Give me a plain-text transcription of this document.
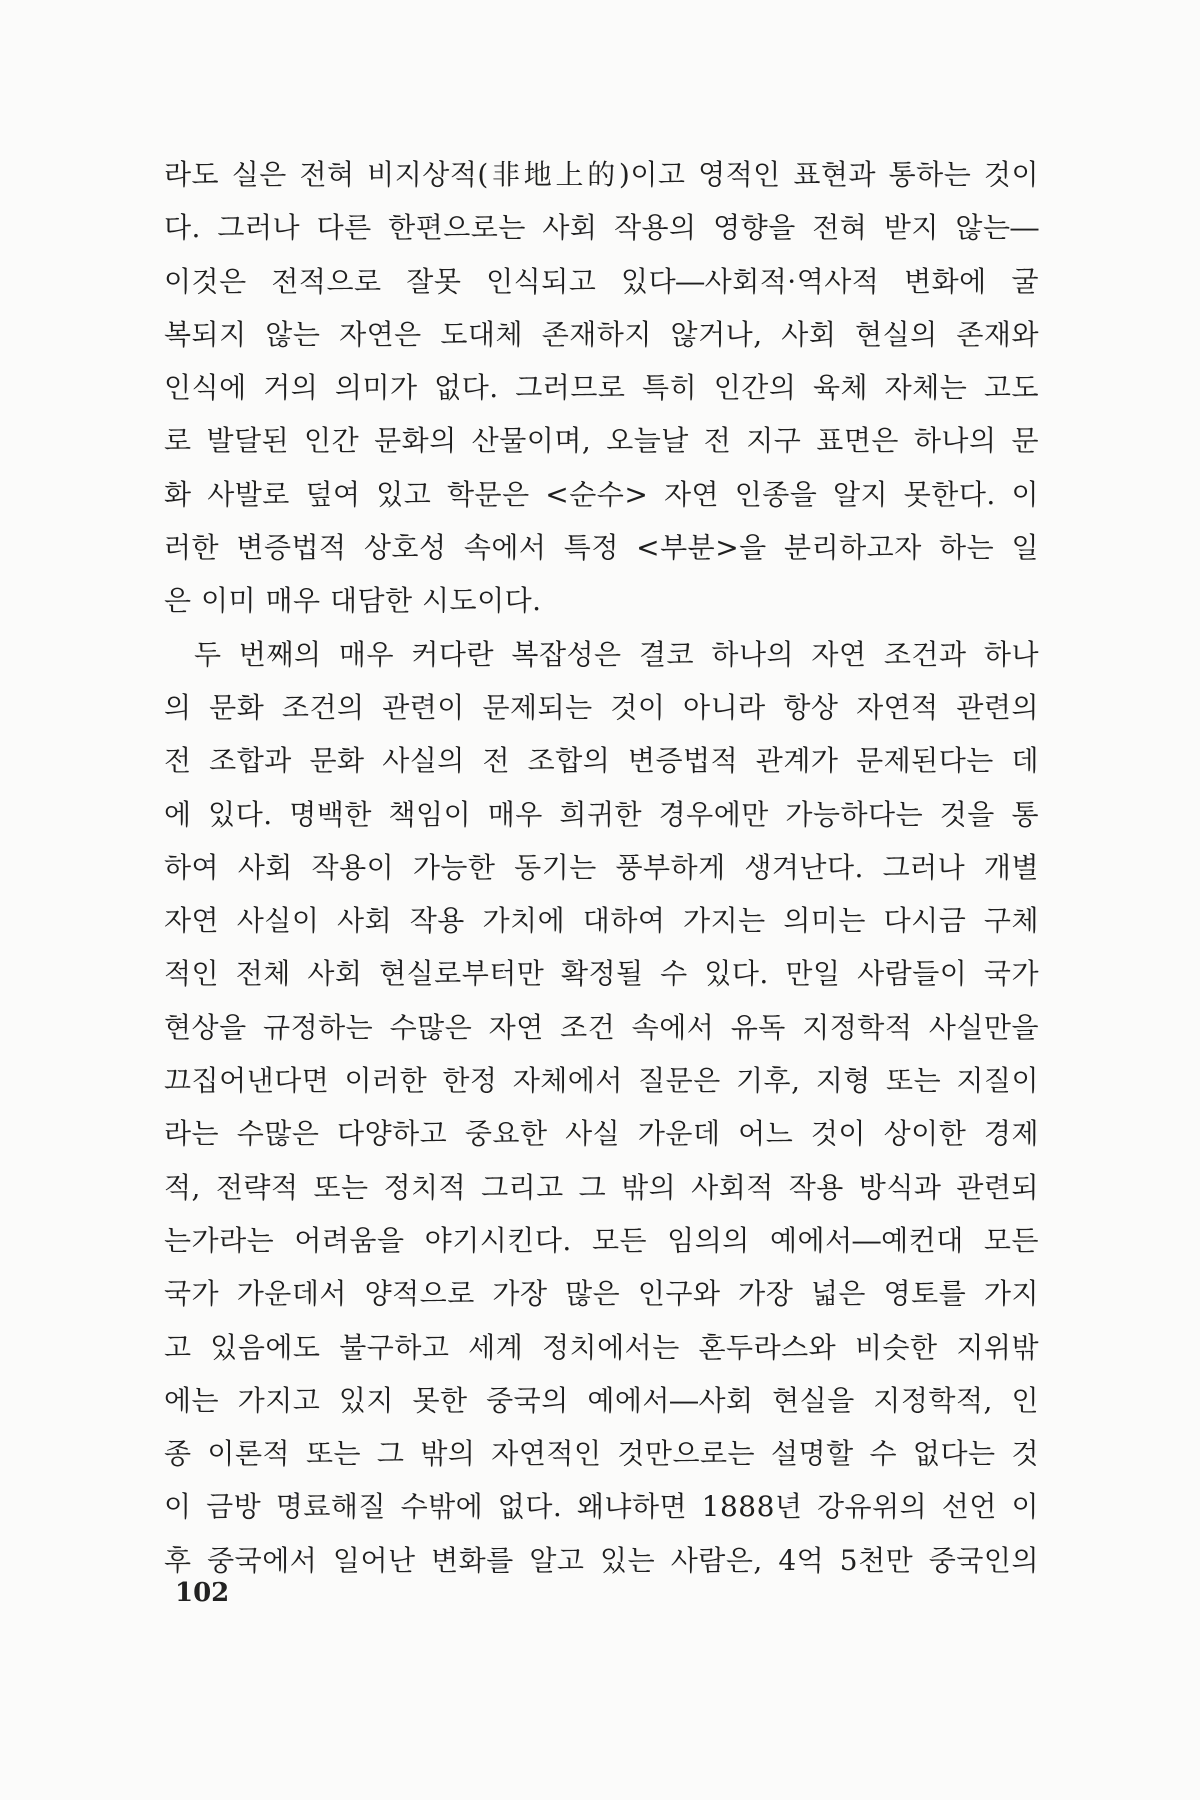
라도 실은 전혀 비지상적(非地上的)이고 영적인 표현과 통하는 것이
다. 그러나 다른 한편으로는 사회 작용의 영향을 전혀 받지 않는―
이것은 전적으로 잘못 인식되고 있다―사회적·역사적 변화에 굴
복되지 않는 자연은 도대체 존재하지 않거나, 사회 현실의 존재와
인식에 거의 의미가 없다. 그러므로 특히 인간의 육체 자체는 고도
로 발달된 인간 문화의 산물이며, 오늘날 전 지구 표면은 하나의 문
화 사발로 덮여 있고 학문은 <순수> 자연 인종을 알지 못한다. 이
러한 변증법적 상호성 속에서 특정 <부분>을 분리하고자 하는 일
은 이미 매우 대담한 시도이다.
두 번째의 매우 커다란 복잡성은 결코 하나의 자연 조건과 하나
의 문화 조건의 관련이 문제되는 것이 아니라 항상 자연적 관련의
전 조합과 문화 사실의 전 조합의 변증법적 관계가 문제된다는 데
에 있다. 명백한 책임이 매우 희귀한 경우에만 가능하다는 것을 통
하여 사회 작용이 가능한 동기는 풍부하게 생겨난다. 그러나 개별
자연 사실이 사회 작용 가치에 대하여 가지는 의미는 다시금 구체
적인 전체 사회 현실로부터만 확정될 수 있다. 만일 사람들이 국가
현상을 규정하는 수많은 자연 조건 속에서 유독 지정학적 사실만을
끄집어낸다면 이러한 한정 자체에서 질문은 기후, 지형 또는 지질이
라는 수많은 다양하고 중요한 사실 가운데 어느 것이 상이한 경제
적, 전략적 또는 정치적 그리고 그 밖의 사회적 작용 방식과 관련되
는가라는 어려움을 야기시킨다. 모든 임의의 예에서―예컨대 모든
국가 가운데서 양적으로 가장 많은 인구와 가장 넓은 영토를 가지
고 있음에도 불구하고 세계 정치에서는 혼두라스와 비슷한 지위밖
에는 가지고 있지 못한 중국의 예에서―사회 현실을 지정학적, 인
종 이론적 또는 그 밖의 자연적인 것만으로는 설명할 수 없다는 것
이 금방 명료해질 수밖에 없다. 왜냐하면 1888년 강유위의 선언 이
후 중국에서 일어난 변화를 알고 있는 사람은, 4억 5천만 중국인의
102
